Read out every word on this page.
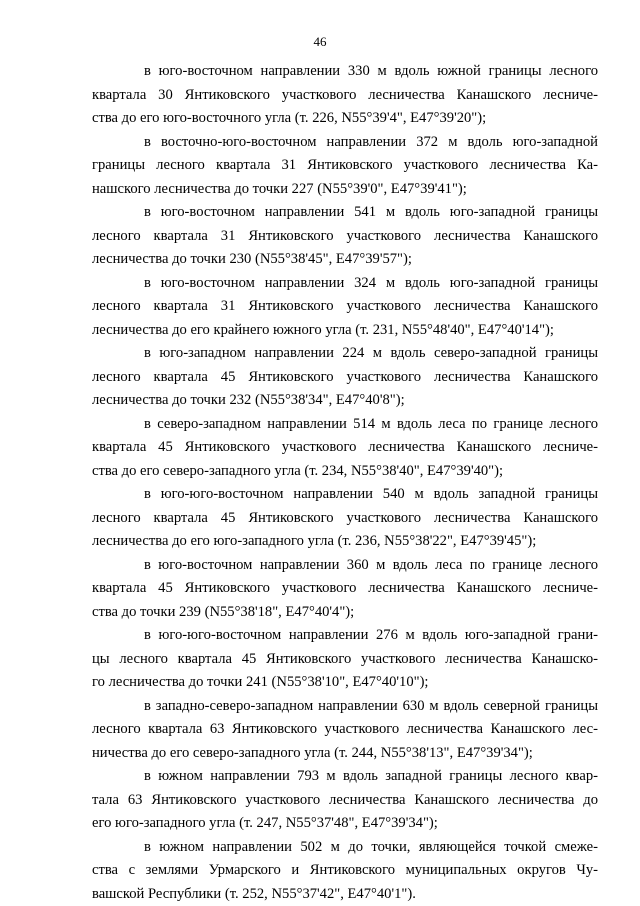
46
в юго-восточном направлении 330 м вдоль южной границы лесного
квартала 30 Янтиковского участкового лесничества Канашского лесниче-
ства до его юго-восточного угла (т. 226, N55°39'4", E47°39'20");
в восточно-юго-восточном направлении 372 м вдоль юго-западной
границы лесного квартала 31 Янтиковского участкового лесничества Ка-
нашского лесничества до точки 227 (N55°39'0", E47°39'41");
в юго-восточном направлении 541 м вдоль юго-западной границы
лесного квартала 31 Янтиковского участкового лесничества Канашского
лесничества до точки 230 (N55°38'45", E47°39'57");
в юго-восточном направлении 324 м вдоль юго-западной границы
лесного квартала 31 Янтиковского участкового лесничества Канашского
лесничества до его крайнего южного угла (т. 231, N55°48'40", E47°40'14");
в юго-западном направлении 224 м вдоль северо-западной границы
лесного квартала 45 Янтиковского участкового лесничества Канашского
лесничества до точки 232 (N55°38'34", E47°40'8");
в северо-западном направлении 514 м вдоль леса по границе лесного
квартала 45 Янтиковского участкового лесничества Канашского лесниче-
ства до его северо-западного угла (т. 234, N55°38'40", E47°39'40");
в юго-юго-восточном направлении 540 м вдоль западной границы
лесного квартала 45 Янтиковского участкового лесничества Канашского
лесничества до его юго-западного угла (т. 236, N55°38'22", E47°39'45");
в юго-восточном направлении 360 м вдоль леса по границе лесного
квартала 45 Янтиковского участкового лесничества Канашского лесниче-
ства до точки 239 (N55°38'18", E47°40'4");
в юго-юго-восточном направлении 276 м вдоль юго-западной грани-
цы лесного квартала 45 Янтиковского участкового лесничества Канашско-
го лесничества до точки 241 (N55°38'10", E47°40'10");
в западно-северо-западном направлении 630 м вдоль северной границы
лесного квартала 63 Янтиковского участкового лесничества Канашского лес-
ничества до его северо-западного угла (т. 244, N55°38'13", E47°39'34");
в южном направлении 793 м вдоль западной границы лесного квар-
тала 63 Янтиковского участкового лесничества Канашского лесничества до
его юго-западного угла (т. 247, N55°37'48", E47°39'34");
в южном направлении 502 м до точки, являющейся точкой смеже-
ства с землями Урмарского и Янтиковского муниципальных округов Чу-
вашской Республики (т. 252, N55°37'42", E47°40'1").
